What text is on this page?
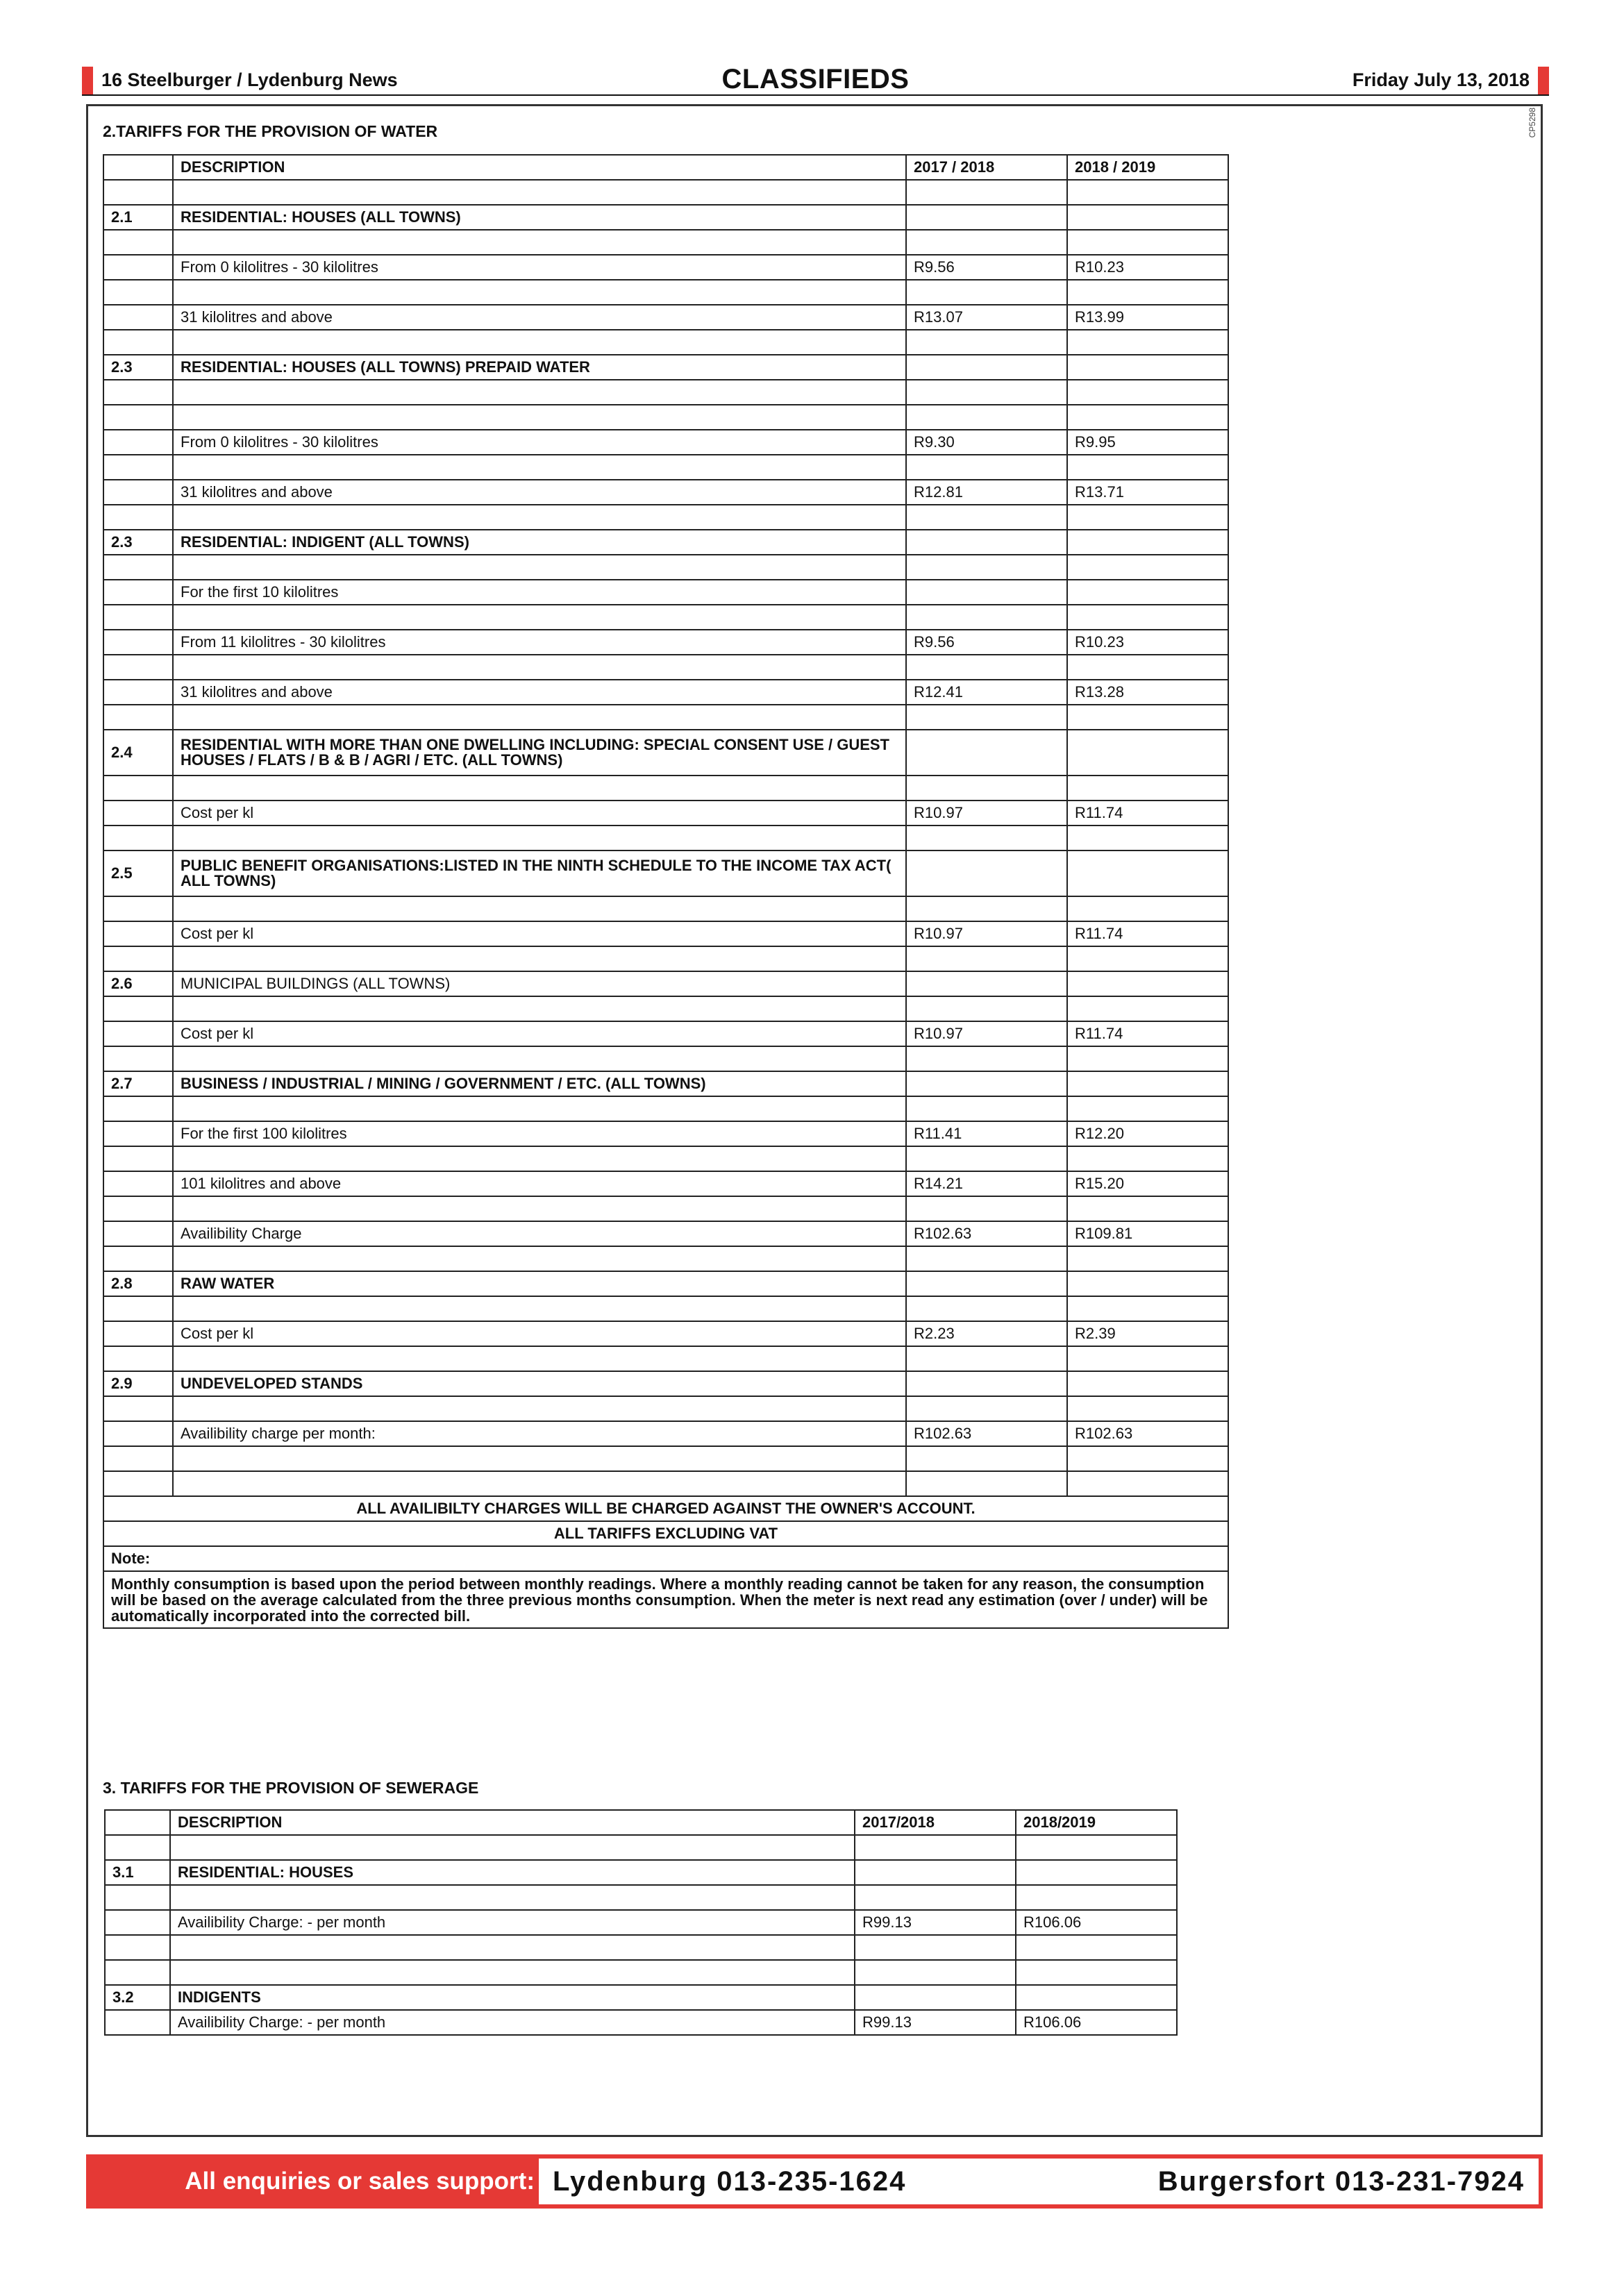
16 Steelburger / Lydenburg News	CLASSIFIEDS	Friday July 13, 2018
CP5298
2.TARIFFS FOR THE PROVISION OF WATER
	DESCRIPTION	2017 / 2018	2018 / 2019

2.1	RESIDENTIAL: HOUSES (ALL TOWNS)		

	From 0 kilolitres - 30 kilolitres	R9.56	R10.23

	31 kilolitres and above	R13.07	R13.99

2.3	RESIDENTIAL: HOUSES (ALL TOWNS) PREPAID WATER		

	From 0 kilolitres - 30 kilolitres	R9.30	R9.95

	31 kilolitres and above	R12.81	R13.71

2.3	RESIDENTIAL: INDIGENT (ALL TOWNS)		

	For the first 10 kilolitres		

	From 11 kilolitres - 30 kilolitres	R9.56	R10.23

	31 kilolitres and above	R12.41	R13.28

2.4	RESIDENTIAL WITH MORE THAN ONE DWELLING INCLUDING: SPECIAL CONSENT USE / GUEST HOUSES / FLATS / B & B / AGRI / ETC. (ALL TOWNS)		

	Cost per kl	R10.97	R11.74

2.5	PUBLIC BENEFIT ORGANISATIONS:LISTED IN THE NINTH SCHEDULE TO THE INCOME TAX ACT( ALL TOWNS)		

	Cost per kl	R10.97	R11.74

2.6	MUNICIPAL BUILDINGS (ALL TOWNS)		

	Cost per kl	R10.97	R11.74

2.7	BUSINESS / INDUSTRIAL / MINING / GOVERNMENT / ETC. (ALL TOWNS)		

	For the first 100 kilolitres	R11.41	R12.20

	101 kilolitres and above	R14.21	R15.20

	Availibility Charge	R102.63	R109.81

2.8	RAW WATER		

	Cost per kl	R2.23	R2.39

2.9	UNDEVELOPED STANDS		

	Availibility charge per month:	R102.63	R102.63

ALL AVAILIBILTY CHARGES WILL BE CHARGED AGAINST THE OWNER'S ACCOUNT.			
ALL TARIFFS EXCLUDING VAT			
Note:			
Monthly consumption is based upon the period between monthly readings. Where a monthly reading cannot be taken for any reason, the consumption will be based on the average calculated from the three previous months consumption. When the meter is next read any estimation (over / under) will be automatically incorporated into the corrected bill.			
3. TARIFFS FOR THE PROVISION OF SEWERAGE
	DESCRIPTION	2017/2018	2018/2019

3.1	RESIDENTIAL: HOUSES		

	Availibility Charge: - per month	R99.13	R106.06

3.2	INDIGENTS		
	Availibility Charge: - per month	R99.13	R106.06
All enquiries or sales support: Lydenburg 013-235-1624	Burgersfort 013-231-7924
